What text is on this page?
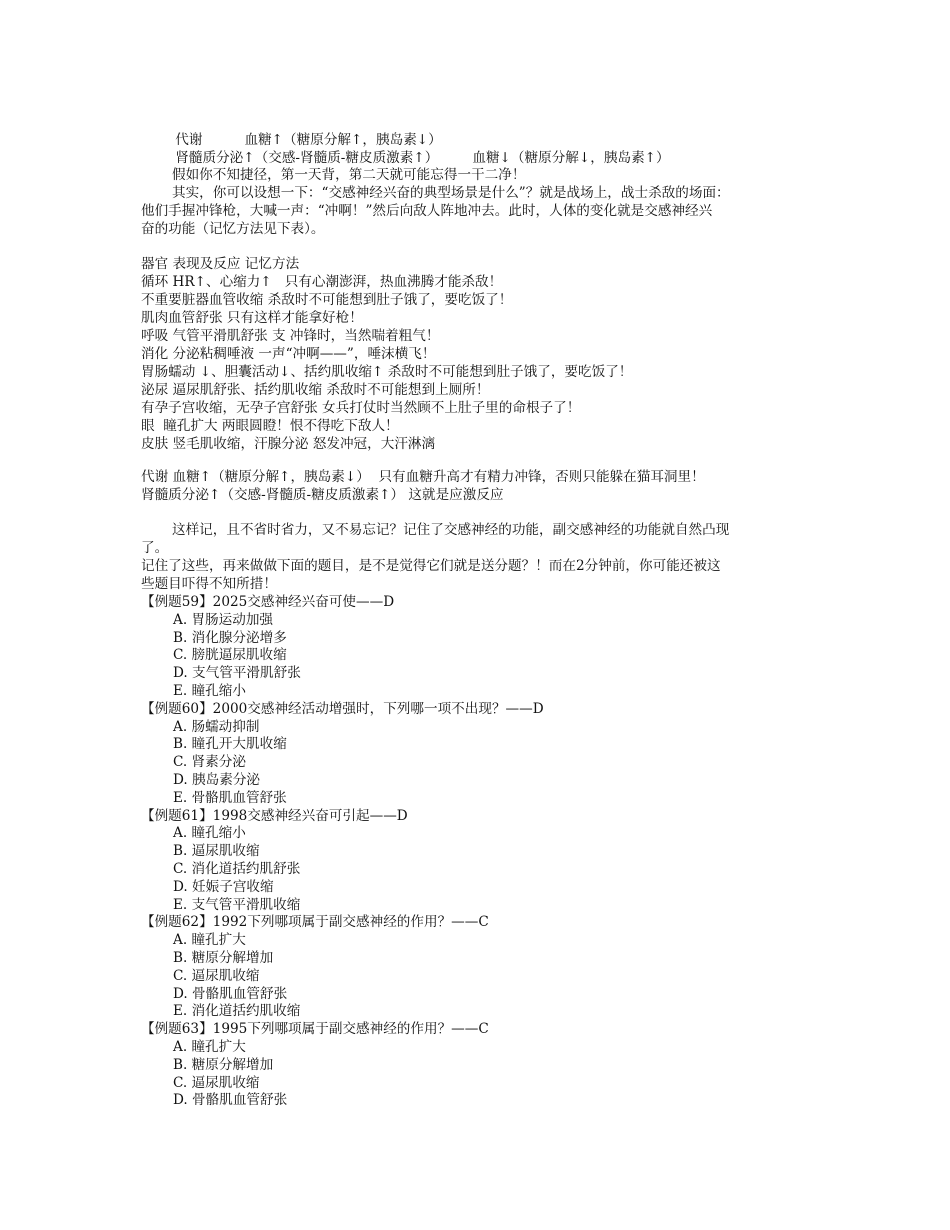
代谢	血糖↑（糖原分解↑，胰岛素↓）

肾髓质分泌↑（交感-肾髓质-糖皮质激素↑）	血糖↓（糖原分解↓，胰岛素↑）

假如你不知捷径，第一天背，第二天就可能忘得一干二净！
其实，你可以设想一下：“交感神经兴奋的典型场景是什么”？就是战场上，战士杀敌的场面：
他们手握冲锋枪，大喊一声：“冲啊！”然后向敌人阵地冲去。此时，人体的变化就是交感神经兴
奋的功能（记忆方法见下表）。
器官 表现及反应 记忆方法
循环 HR↑、心缩力↑   只有心潮澎湃，热血沸腾才能杀敌！
不重要脏器血管收缩 杀敌时不可能想到肚子饿了，要吃饭了！
肌肉血管舒张 只有这样才能拿好枪！
呼吸 气管平滑肌舒张 支 冲锋时，当然喘着粗气！
消化 分泌粘稠唾液 一声“冲啊——”，唾沫横飞！
胃肠蠕动 ↓、胆囊活动↓、括约肌收缩↑ 杀敌时不可能想到肚子饿了，要吃饭了！
泌尿 逼尿肌舒张、括约肌收缩 杀敌时不可能想到上厕所！
有孕子宫收缩，无孕子宫舒张 女兵打仗时当然顾不上肚子里的命根子了！
眼  瞳孔扩大 两眼圆瞪！恨不得吃下敌人！
皮肤 竖毛肌收缩，汗腺分泌 怒发冲冠，大汗淋漓
代谢 血糖↑（糖原分解↑，胰岛素↓）  只有血糖升高才有精力冲锋，否则只能躲在猫耳洞里！
肾髓质分泌↑（交感-肾髓质-糖皮质激素↑） 这就是应激反应
这样记，且不省时省力，又不易忘记？记住了交感神经的功能，副交感神经的功能就自然凸现
了。
记住了这些，再来做做下面的题目，是不是觉得它们就是送分题？！而在2分钟前，你可能还被这
些题目吓得不知所措！
【例题59】2025交感神经兴奋可使——D
A. 胃肠运动加强
B. 消化腺分泌增多
C. 膀胱逼尿肌收缩
D. 支气管平滑肌舒张
E. 瞳孔缩小
【例题60】2000交感神经活动增强时，下列哪一项不出现？——D
A. 肠蠕动抑制
B. 瞳孔开大肌收缩
C. 肾素分泌
D. 胰岛素分泌
E. 骨骼肌血管舒张
【例题61】1998交感神经兴奋可引起——D
A. 瞳孔缩小
B. 逼尿肌收缩
C. 消化道括约肌舒张
D. 妊娠子宫收缩
E. 支气管平滑肌收缩
【例题62】1992下列哪项属于副交感神经的作用？——C
A. 瞳孔扩大
B. 糖原分解增加
C. 逼尿肌收缩
D. 骨骼肌血管舒张
E. 消化道括约肌收缩
【例题63】1995下列哪项属于副交感神经的作用？——C
A. 瞳孔扩大
B. 糖原分解增加
C. 逼尿肌收缩
D. 骨骼肌血管舒张
